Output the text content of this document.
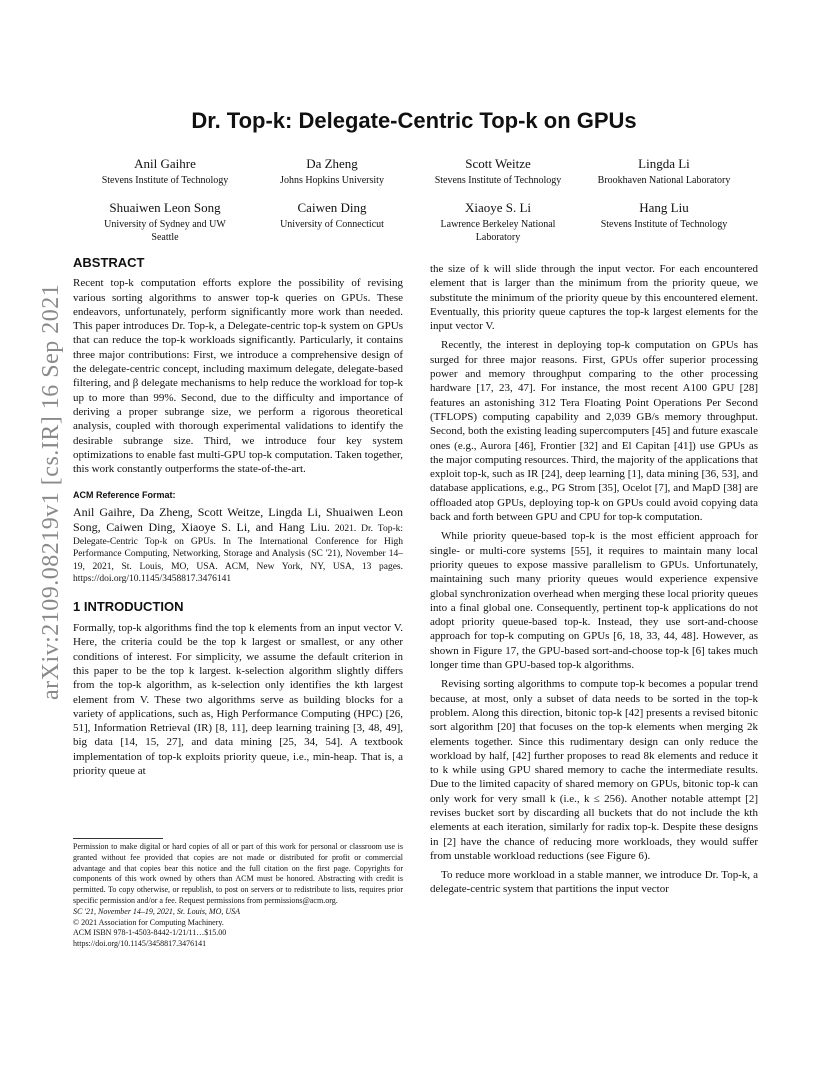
arXiv:2109.08219v1 [cs.IR] 16 Sep 2021
Dr. Top-k: Delegate-Centric Top-k on GPUs
Anil Gaihre
Stevens Institute of Technology
Da Zheng
Johns Hopkins University
Scott Weitze
Stevens Institute of Technology
Lingda Li
Brookhaven National Laboratory
Shuaiwen Leon Song
University of Sydney and UW Seattle
Caiwen Ding
University of Connecticut
Xiaoye S. Li
Lawrence Berkeley National Laboratory
Hang Liu
Stevens Institute of Technology
ABSTRACT

Recent top-k computation efforts explore the possibility of revising various sorting algorithms to answer top-k queries on GPUs. These endeavors, unfortunately, perform significantly more work than needed. This paper introduces Dr. Top-k, a Delegate-centric top-k system on GPUs that can reduce the top-k workloads significantly. Particularly, it contains three major contributions: First, we introduce a comprehensive design of the delegate-centric concept, including maximum delegate, delegate-based filtering, and β delegate mechanisms to help reduce the workload for top-k up to more than 99%. Second, due to the difficulty and importance of deriving a proper subrange size, we perform a rigorous theoretical analysis, coupled with thorough experimental validations to identify the desirable subrange size. Third, we introduce four key system optimizations to enable fast multi-GPU top-k computation. Taken together, this work constantly outperforms the state-of-the-art.

ACM Reference Format:
Anil Gaihre, Da Zheng, Scott Weitze, Lingda Li, Shuaiwen Leon Song, Caiwen Ding, Xiaoye S. Li, and Hang Liu. 2021. Dr. Top-k: Delegate-Centric Top-k on GPUs. In The International Conference for High Performance Computing, Networking, Storage and Analysis (SC '21), November 14–19, 2021, St. Louis, MO, USA. ACM, New York, NY, USA, 13 pages. https://doi.org/10.1145/3458817.3476141
1 INTRODUCTION

Formally, top-k algorithms find the top k elements from an input vector V. Here, the criteria could be the top k largest or smallest, or any other conditions of interest. For simplicity, we assume the default criterion in this paper to be the top k largest. k-selection algorithm slightly differs from the top-k algorithm, as k-selection only identifies the kth largest element from V. These two algorithms serve as building blocks for a variety of applications, such as, High Performance Computing (HPC) [26, 51], Information Retrieval (IR) [8, 11], deep learning training [3, 48, 49], big data [14, 15, 27], and data mining [25, 34, 54]. A textbook implementation of top-k exploits priority queue, i.e., min-heap. That is, a priority queue at

Permission to make digital or hard copies of all or part of this work for personal or classroom use is granted without fee provided that copies are not made or distributed for profit or commercial advantage and that copies bear this notice and the full citation on the first page. Copyrights for components of this work owned by others than ACM must be honored. Abstracting with credit is permitted. To copy otherwise, or republish, to post on servers or to redistribute to lists, requires prior specific permission and/or a fee. Request permissions from permissions@acm.org.

SC '21, November 14–19, 2021, St. Louis, MO, USA

© 2021 Association for Computing Machinery.

ACM ISBN 978-1-4503-8442-1/21/11…$15.00

https://doi.org/10.1145/3458817.3476141

the size of k will slide through the input vector. For each encountered element that is larger than the minimum from the priority queue, we substitute the minimum of the priority queue by this encountered element. Eventually, this priority queue captures the top-k largest elements for the input vector V.

Recently, the interest in deploying top-k computation on GPUs has surged for three major reasons. First, GPUs offer superior processing power and memory throughput comparing to the other processing hardware [17, 23, 47]. For instance, the most recent A100 GPU [28] features an astonishing 312 Tera Floating Point Operations Per Second (TFLOPS) computing capability and 2,039 GB/s memory throughput. Second, both the existing leading supercomputers [45] and future exascale ones (e.g., Aurora [46], Frontier [32] and El Capitan [41]) use GPUs as the major computing resources. Third, the majority of the applications that exploit top-k, such as IR [24], deep learning [1], data mining [36, 53], and database applications, e.g., PG Strom [35], Ocelot [7], and MapD [38] are offloaded atop GPUs, deploying top-k on GPUs could avoid copying data back and forth between GPU and CPU for top-k computation.

While priority queue-based top-k is the most efficient approach for single- or multi-core systems [55], it requires to maintain many local priority queues to expose massive parallelism to GPUs. Unfortunately, maintaining such many priority queues would experience expensive global synchronization overhead when merging these local priority queues into a final global one. Consequently, pertinent top-k applications do not adopt priority queue-based top-k. Instead, they use sort-and-choose approach for top-k computing on GPUs [6, 18, 33, 44, 48]. However, as shown in Figure 17, the GPU-based sort-and-choose top-k [6] takes much longer time than GPU-based top-k algorithms.

Revising sorting algorithms to compute top-k becomes a popular trend because, at most, only a subset of data needs to be sorted in the top-k problem. Along this direction, bitonic top-k [42] presents a revised bitonic sort algorithm [20] that focuses on the top-k elements when merging 2k elements together. Since this rudimentary design can only reduce the workload by half, [42] further proposes to read 8k elements and reduce it to k while using GPU shared memory to cache the intermediate results. Due to the limited capacity of shared memory on GPUs, bitonic top-k can only work for very small k (i.e., k ≤ 256). Another notable attempt [2] revises bucket sort by discarding all buckets that do not include the kth elements at each iteration, similarly for radix top-k. Despite these designs in [2] have the chance of reducing more workloads, they would suffer from unstable workload reductions (see Figure 6).

To reduce more workload in a stable manner, we introduce Dr. Top-k, a delegate-centric system that partitions the input vector
